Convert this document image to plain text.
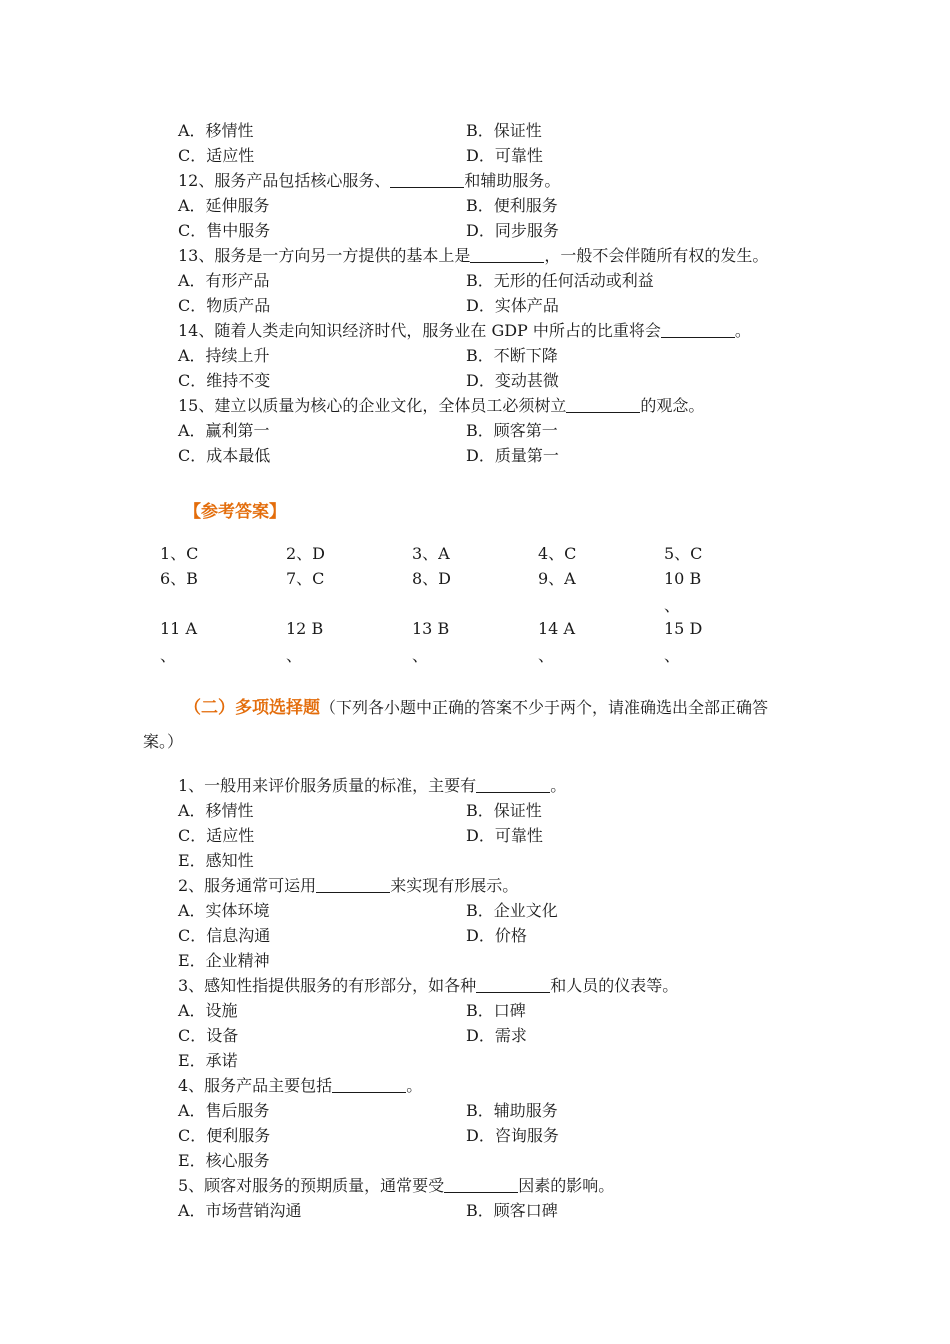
A．移情性	B．保证性
C．适应性	D．可靠性
12、服务产品包括核心服务、	和辅助服务。
A．延伸服务	B．便利服务
C．售中服务	D．同步服务
13、服务是一方向另一方提供的基本上是	，一般不会伴随所有权的发生。
A．有形产品	B．无形的任何活动或利益
C．物质产品	D．实体产品
14、随着人类走向知识经济时代，服务业在 GDP 中所占的比重将会	。
A．持续上升	B．不断下降
C．维持不变	D．变动甚微
15、建立以质量为核心的企业文化，全体员工必须树立	的观念。
A．赢利第一	B．顾客第一
C．成本最低	D．质量第一
【参考答案】
1、C	2、D	3、A	4、C	5、C
6、B	7、C	8、D	9、A	10 B
、
11 A	12 B	13 B	14 A	15 D
、	、	、	、	、
（二）多项选择题（下列各小题中正确的答案不少于两个，请准确选出全部正确答
案。）
1、一般用来评价服务质量的标准，主要有	。
A．移情性	B．保证性
C．适应性	D．可靠性
E．感知性
2、服务通常可运用	来实现有形展示。
A．实体环境	B．企业文化
C．信息沟通	D．价格
E．企业精神
3、感知性指提供服务的有形部分，如各种	和人员的仪表等。
A．设施	B．口碑
C．设备	D．需求
E．承诺
4、服务产品主要包括	。
A．售后服务	B．辅助服务
C．便利服务	D．咨询服务
E．核心服务
5、顾客对服务的预期质量，通常要受	因素的影响。
A．市场营销沟通	B．顾客口碑
